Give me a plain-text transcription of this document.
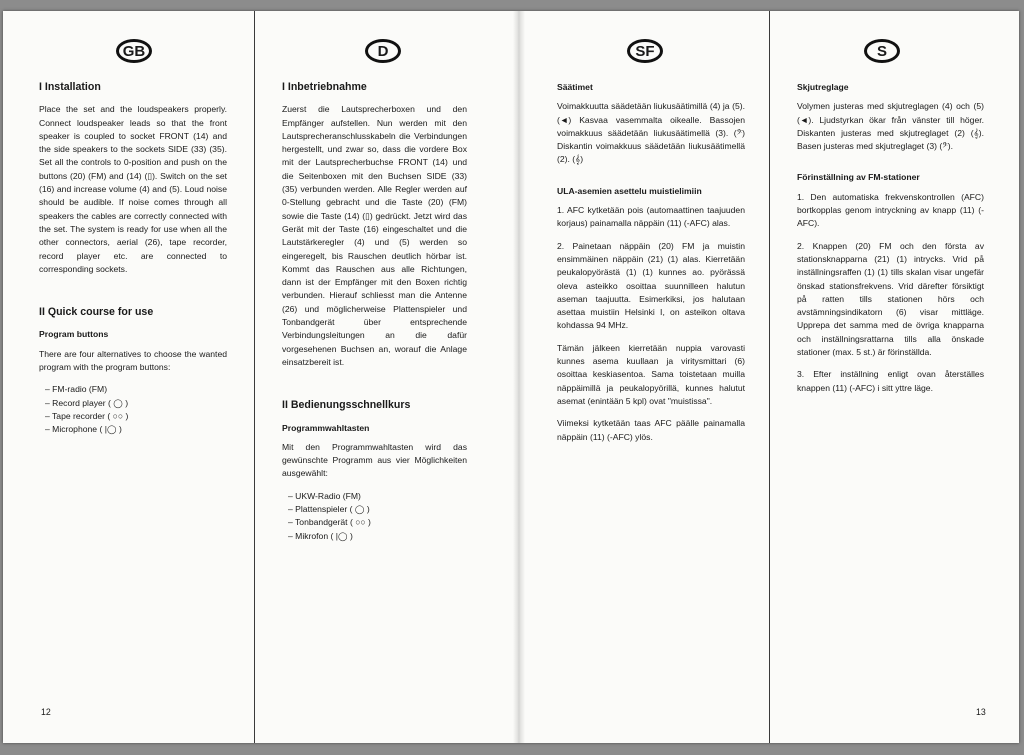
GB
I Installation

Place the set and the loudspeakers properly. Connect loudspeaker leads so that the front speaker is coupled to socket FRONT (14) and the side speakers to the sockets SIDE (33) (35). Set all the controls to 0-position and push on the buttons (20) (FM) and (14) (▯). Switch on the set (16) and increase volume (4) and (5). Loud noise should be audible. If noise comes through all speakers the cables are correctly connected with the set. The system is ready for use when all the other connectors, aerial (26), tape recorder, record player etc. are connected to corresponding sockets.

II Quick course for use
Program buttons

There are four alternatives to choose the wanted program with the program buttons:

– FM-radio (FM)
– Record player ( ◯ )
– Tape recorder ( ○○ )
– Microphone ( |◯ )
12
D
I Inbetriebnahme

Zuerst die Lautsprecherboxen und den Empfänger aufstellen. Nun werden mit den Lautsprecheranschlusskabeln die Verbindungen hergestellt, und zwar so, dass die vordere Box mit der Lautsprecherbuchse FRONT (14) und die Seitenboxen mit den Buchsen SIDE (33) (35) verbunden werden. Alle Regler werden auf 0-Stellung gebracht und die Taste (20) (FM) sowie die Taste (14) (▯) gedrückt. Jetzt wird das Gerät mit der Taste (16) eingeschaltet und die Lautstärkeregler (4) und (5) werden so eingeregelt, bis Rauschen deutlich hörbar ist. Kommt das Rauschen aus alle Richtungen, dann ist der Empfänger mit den Boxen richtig verbunden. Hierauf schliesst man die Antenne (26) und möglicherweise Plattenspieler und Tonbandgerät über entsprechende Verbindungsleitungen an die dafür vorgesehenen Buchsen an, worauf die Anlage einsatzbereit ist.

II Bedienungsschnellkurs
Programmwahltasten

Mit den Programmwahltasten wird das gewünschte Programm aus vier Möglichkeiten ausgewählt:

– UKW-Radio (FM)
– Plattenspieler ( ◯ )
– Tonbandgerät ( ○○ )
– Mikrofon ( |◯ )
SF
Säätimet

Voimakkuutta säädetään liukusäätimillä (4) ja (5). (◄) Kasvaa vasemmalta oikealle. Bassojen voimakkuus säädetään liukusäätimellä (3). (𝄢) Diskantin voimakkuus säädetään liukusäätimellä (2). (𝄞)

ULA-asemien asettelu muistielimiin

1. AFC kytketään pois (automaattinen taajuuden korjaus) painamalla näppäin (11) (-AFC) alas.

2. Painetaan näppäin (20) FM ja muistin ensimmäinen näppäin (21) (1) alas. Kierretään peukalopyörästä (1) (1) kunnes ao. pyörässä oleva asteikko osoittaa suunnilleen halutun aseman taajuutta. Esimerkiksi, jos halutaan asettaa muistiin Helsinki I, on asteikon oltava kohdassa 94 MHz.

Tämän jälkeen kierretään nuppia varovasti kunnes asema kuullaan ja viritysmittari (6) osoittaa keskiasentoa. Sama toistetaan muilla näppäimillä ja peukalopyörillä, kunnes halutut asemat (enintään 5 kpl) ovat "muistissa".

Viimeksi kytketään taas AFC päälle painamalla näppäin (11) (-AFC) ylös.

S
Skjutreglage

Volymen justeras med skjutreglagen (4) och (5) (◄). Ljudstyrkan ökar från vänster till höger. Diskanten justeras med skjutreglaget (2) (𝄞). Basen justeras med skjutreglaget (3) (𝄢).

Förinställning av FM-stationer

1. Den automatiska frekvenskontrollen (AFC) bortkopplas genom intryckning av knapp (11) (-AFC).

2. Knappen (20) FM och den första av stationsknapparna (21) (1) intrycks. Vrid på inställningsraffen (1) (1) tills skalan visar ungefär önskad stationsfrekvens. Vrid därefter försiktigt på ratten tills stationen hörs och avstämningsindikatorn (6) visar mittläge. Upprepa det samma med de övriga knapparna och inställningsrattarna tills alla önskade stationer (max. 5 st.) är förinställda.

3. Efter inställning enligt ovan återställes knappen (11) (-AFC) i sitt yttre läge.

13
